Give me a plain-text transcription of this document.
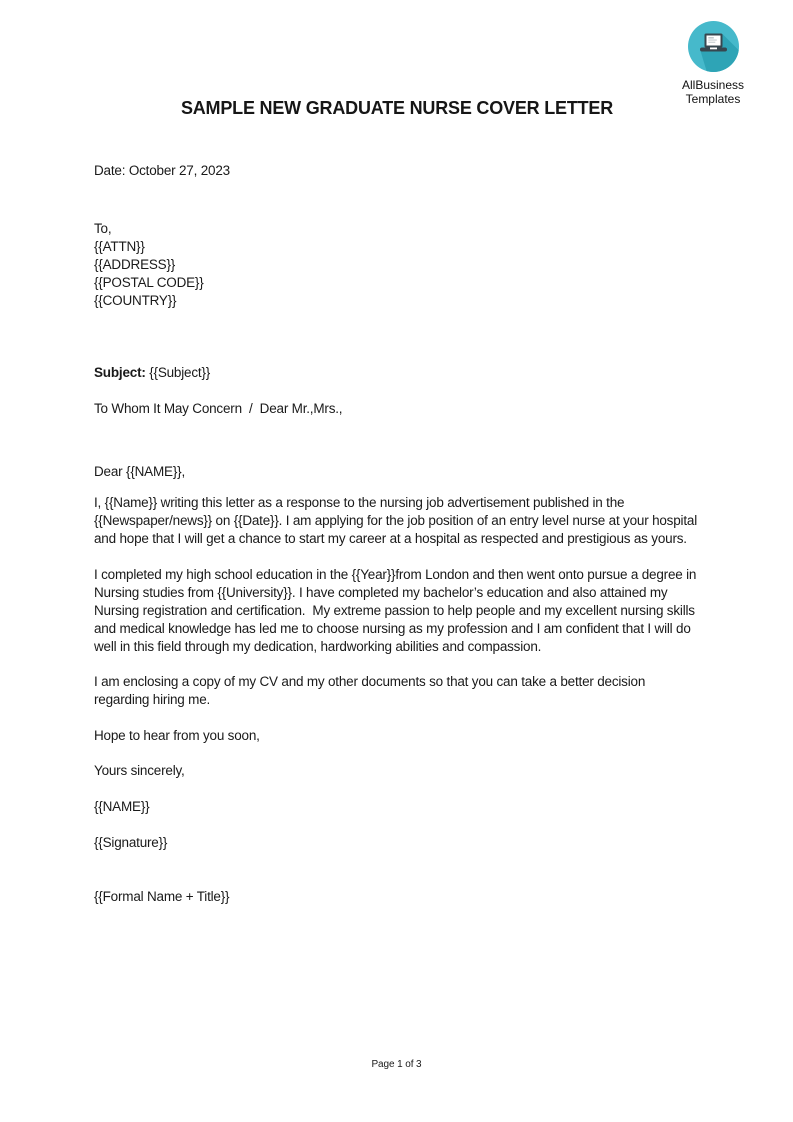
AllBusiness
Templates
SAMPLE NEW GRADUATE NURSE COVER LETTER
Date: October 27, 2023
To,
{{ATTN}}
{{ADDRESS}}
{{POSTAL CODE}}
{{COUNTRY}}
Subject: {{Subject}}
To Whom It May Concern  /  Dear Mr.,Mrs.,
Dear {{NAME}},
I, {{Name}} writing this letter as a response to the nursing job advertisement published in the {{Newspaper/news}} on {{Date}}. I am applying for the job position of an entry level nurse at your hospital and hope that I will get a chance to start my career at a hospital as respected and prestigious as yours.
I completed my high school education in the {{Year}}from London and then went onto pursue a degree in Nursing studies from {{University}}. I have completed my bachelor’s education and also attained my Nursing registration and certification.  My extreme passion to help people and my excellent nursing skills and medical knowledge has led me to choose nursing as my profession and I am confident that I will do well in this field through my dedication, hardworking abilities and compassion.
I am enclosing a copy of my CV and my other documents so that you can take a better decision regarding hiring me.
Hope to hear from you soon,
Yours sincerely,
{{NAME}}
{{Signature}}
{{Formal Name + Title}}
Page 1 of 3
